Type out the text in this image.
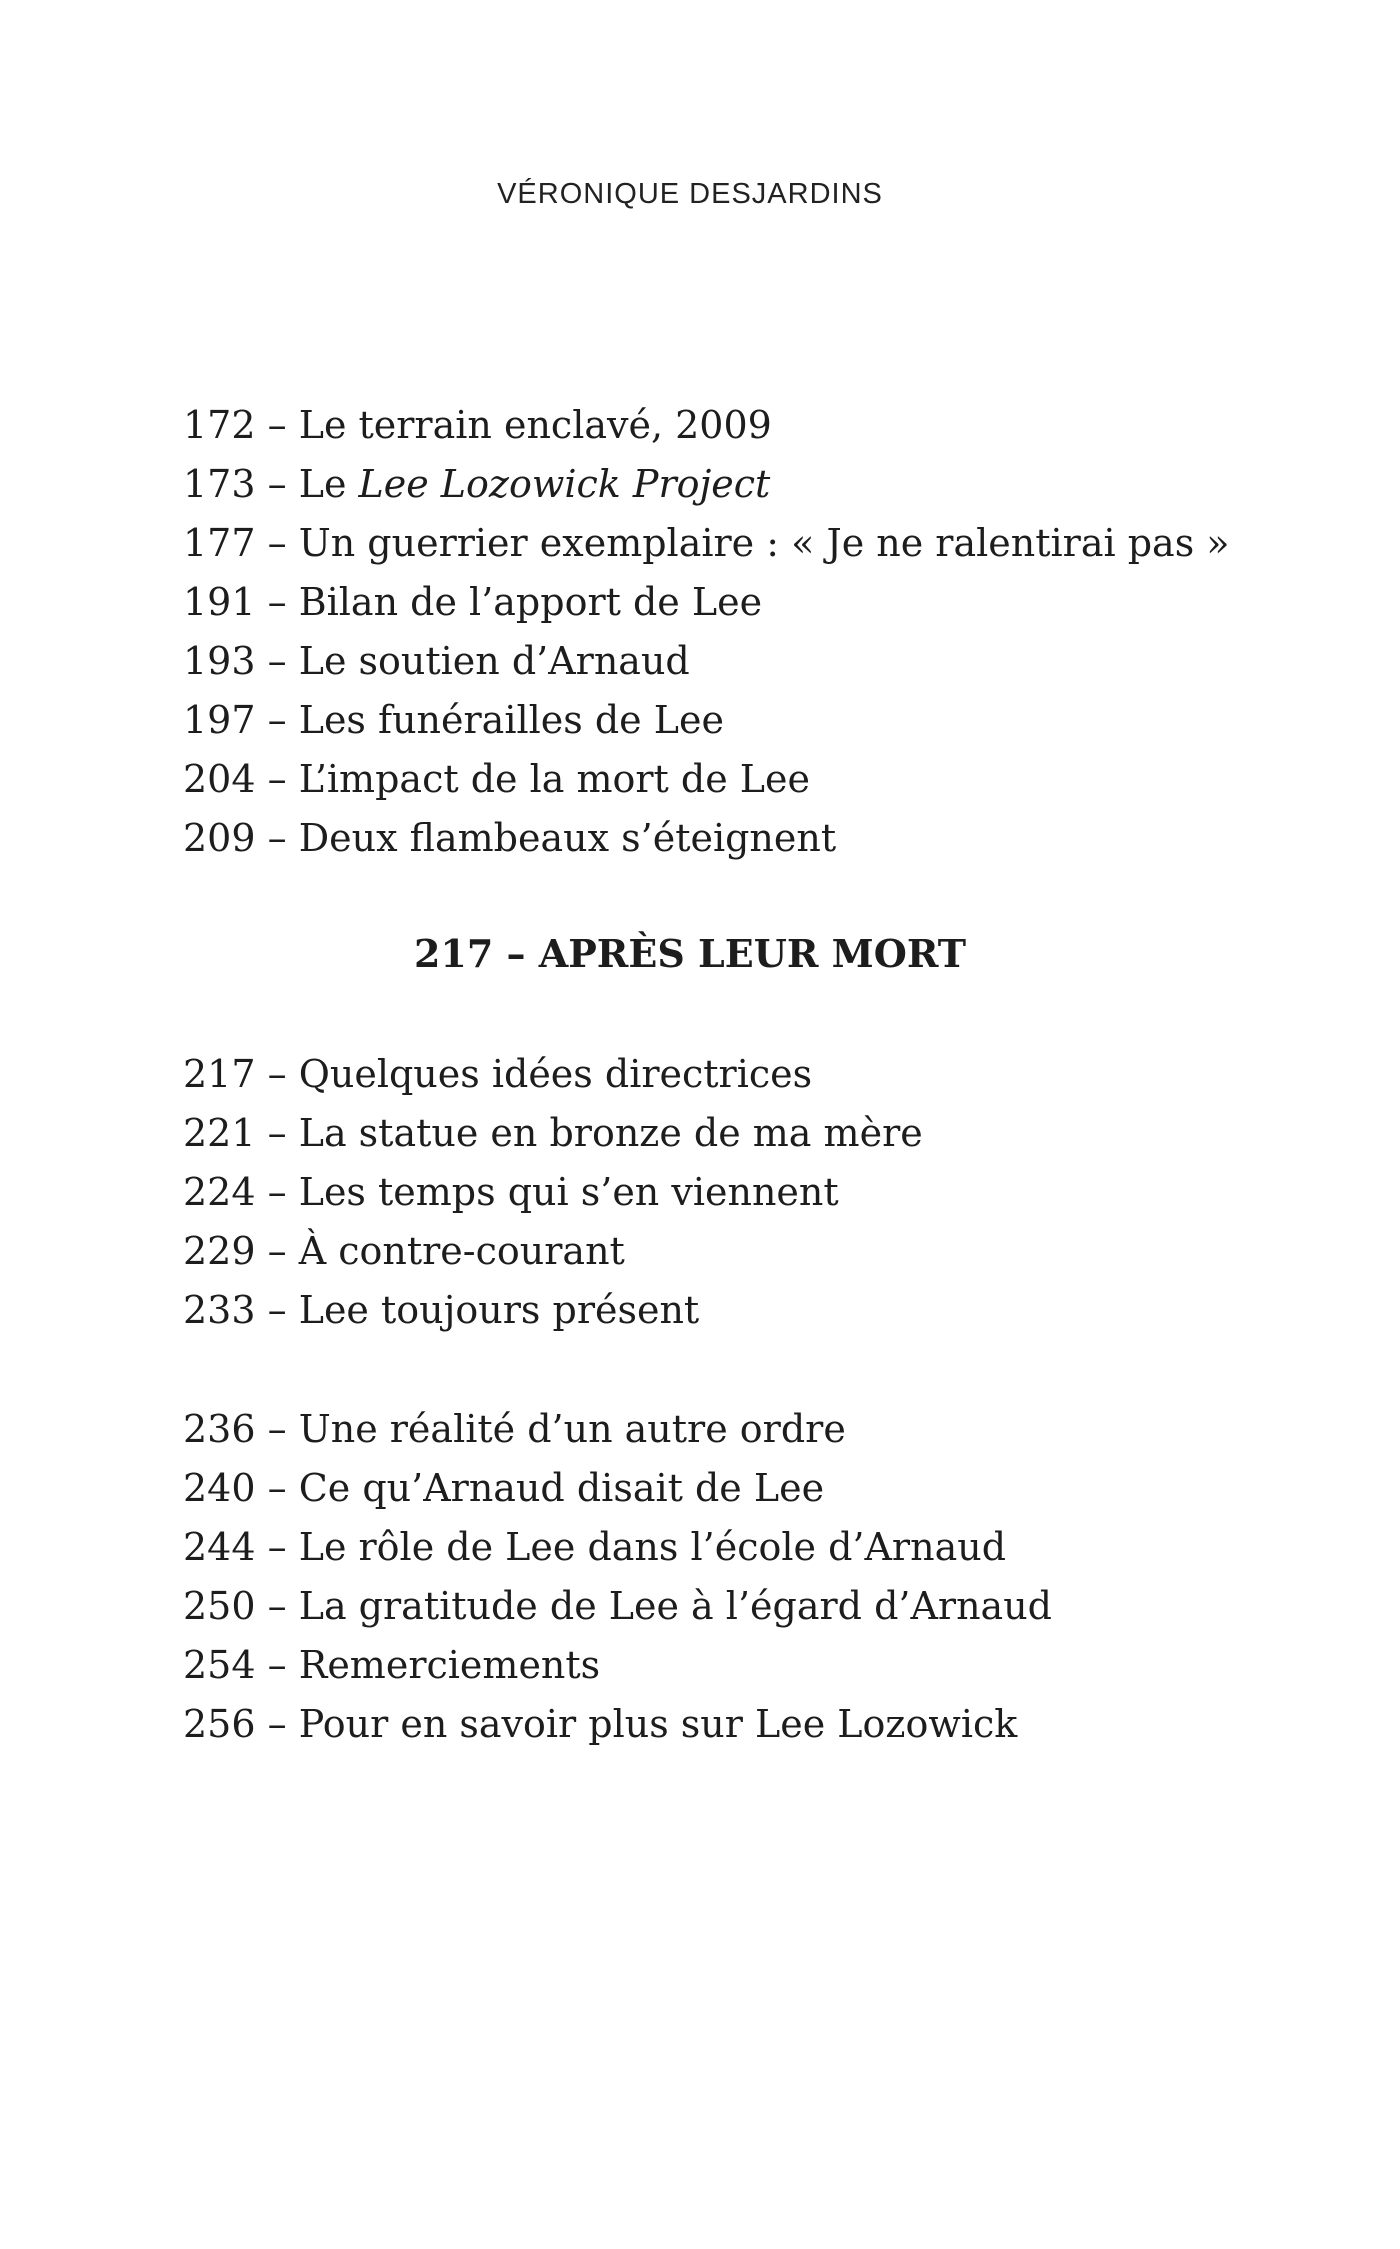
VÉRONIQUE DESJARDINS
172 – Le terrain enclavé, 2009
173 – Le Lee Lozowick Project
177 – Un guerrier exemplaire : « Je ne ralentirai pas »
191 – Bilan de l’apport de Lee
193 – Le soutien d’Arnaud
197 – Les funérailles de Lee
204 – L’impact de la mort de Lee
209 – Deux flambeaux s’éteignent
217 – APRÈS LEUR MORT
217 – Quelques idées directrices
221 – La statue en bronze de ma mère
224 – Les temps qui s’en viennent
229 – À contre-courant
233 – Lee toujours présent
236 – Une réalité d’un autre ordre
240 – Ce qu’Arnaud disait de Lee
244 – Le rôle de Lee dans l’école d’Arnaud
250 – La gratitude de Lee à l’égard d’Arnaud
254 – Remerciements
256 – Pour en savoir plus sur Lee Lozowick
